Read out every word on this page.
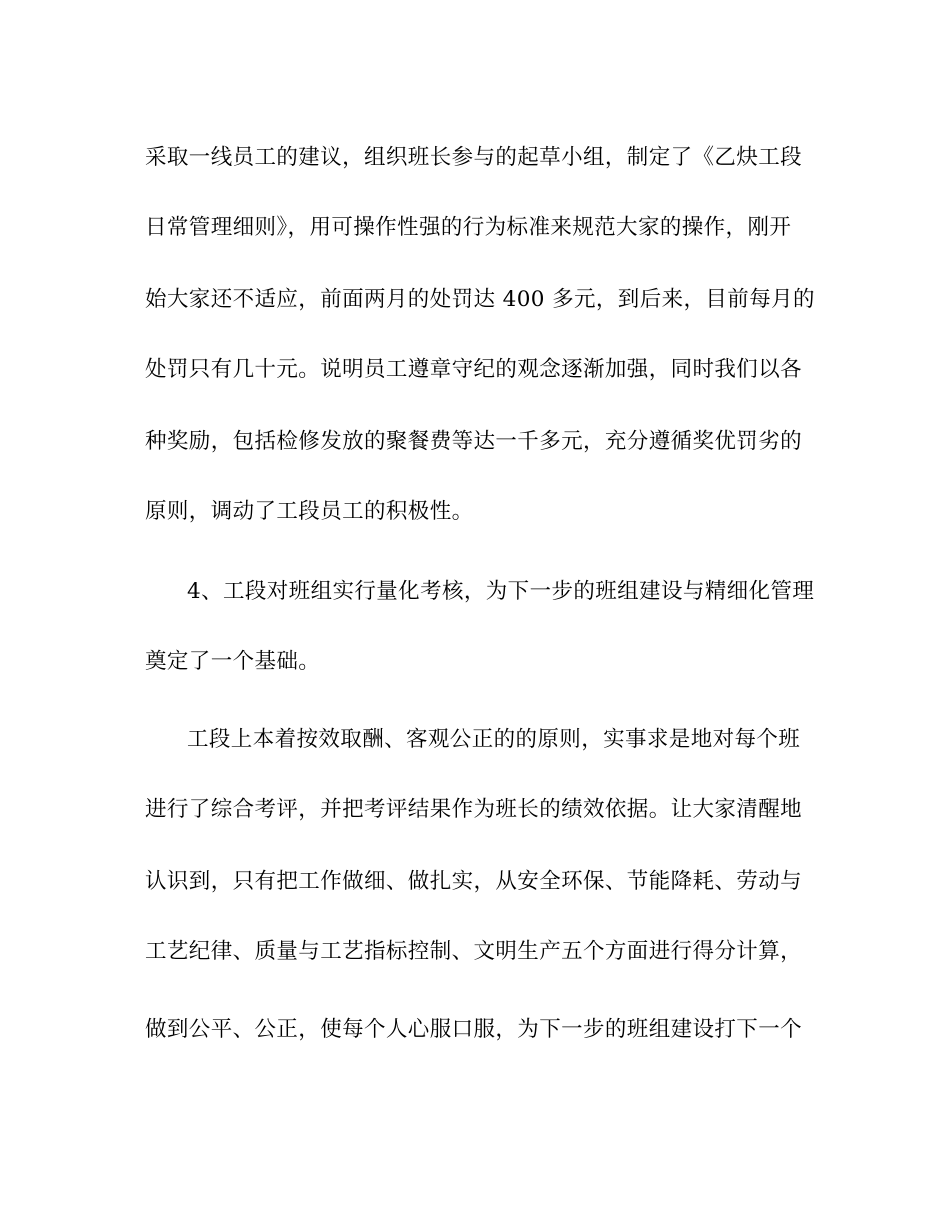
采取一线员工的建议，组织班长参与的起草小组，制定了《乙炔工段
日常管理细则》，用可操作性强的行为标准来规范大家的操作，刚开
始大家还不适应，前面两月的处罚达 400 多元，到后来，目前每月的
处罚只有几十元。说明员工遵章守纪的观念逐渐加强，同时我们以各
种奖励，包括检修发放的聚餐费等达一千多元，充分遵循奖优罚劣的
原则，调动了工段员工的积极性。
4、工段对班组实行量化考核，为下一步的班组建设与精细化管理
奠定了一个基础。
工段上本着按效取酬、客观公正的的原则，实事求是地对每个班
进行了综合考评，并把考评结果作为班长的绩效依据。让大家清醒地
认识到，只有把工作做细、做扎实，从安全环保、节能降耗、劳动与
工艺纪律、质量与工艺指标控制、文明生产五个方面进行得分计算，
做到公平、公正，使每个人心服口服，为下一步的班组建设打下一个
